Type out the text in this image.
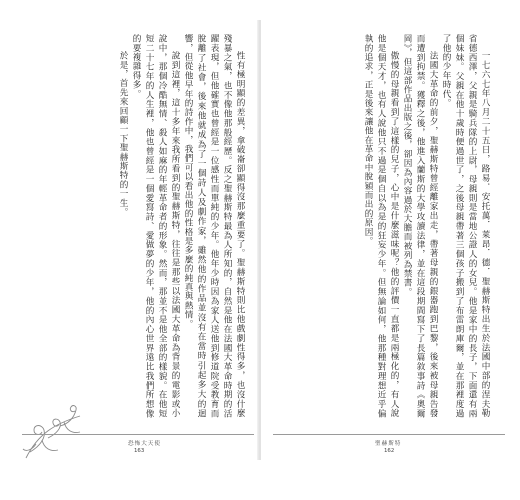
性有極明顯的差異，拿破崙卻顯得沒那麼重要了。聖赫斯特則比他戲劇性得多，也沒什麼殘暴之氣，也不像他那般經歷。反之聖赫斯特最為人所知的，自然是他在法國大革命時期的活躍表現，但他確實也曾經是一位感性而單純的少年。他年少時因為家人送他到修道院受教育而脫離了社會，後來他就成為了一個詩人及劇作家，雖然他的作品並沒有在當時引起多大的迴響，但從他早年的詩作中，我們可以看出他的性格是多麼的純真與熱情。

說到這裡，這十多年來我所看到的聖赫斯特，往往是那些以法國大革命為背景的電影或小說中，那個冷酷無情、殺人如麻的年輕革命者的形象。然而，那並不是他全部的樣貌。在他短短二十七年的人生裡，他也曾經是一個愛寫詩、愛做夢的少年，他的內心世界遠比我們所想像的要複雜得多。

於是，首先來回顧一下聖赫斯特的一生。

恐怖大天使
163

一七六七年八月二十五日，路易．安托萬．萊昂．德．聖赫斯特出生於法國中部的涅夫勒省德西澤，父親是騎兵隊的上尉，母親則是當地公證人的女兒。他是家中的長子，下面還有兩個妹妹。父親在他十歲時便過世了，之後母親帶著三個孩子搬到了布雷朗庫爾，並在那裡度過了他的少年時代。

法國大革命的前夕，聖赫斯特曾經離家出走，帶著母親的銀器跑到巴黎，後來被母親告發而遭到拘禁。獲釋之後，他進入蘭斯的大學攻讀法律，並在這段期間寫下了長篇敘事詩《奧爾岡》，但這部作品出版之後，卻因為內容過於大膽而被列為禁書。

傲慢的母親看到了這樣的兒子，心中是什麼滋味呢？他的評價一直都是兩極化的，有人說他是個天才，也有人說他只不過是個自以為是的狂妄少年。但無論如何，他那種對理想近乎偏執的追求，正是後來讓他在革命中脫穎而出的原因。

聖赫斯特
162
